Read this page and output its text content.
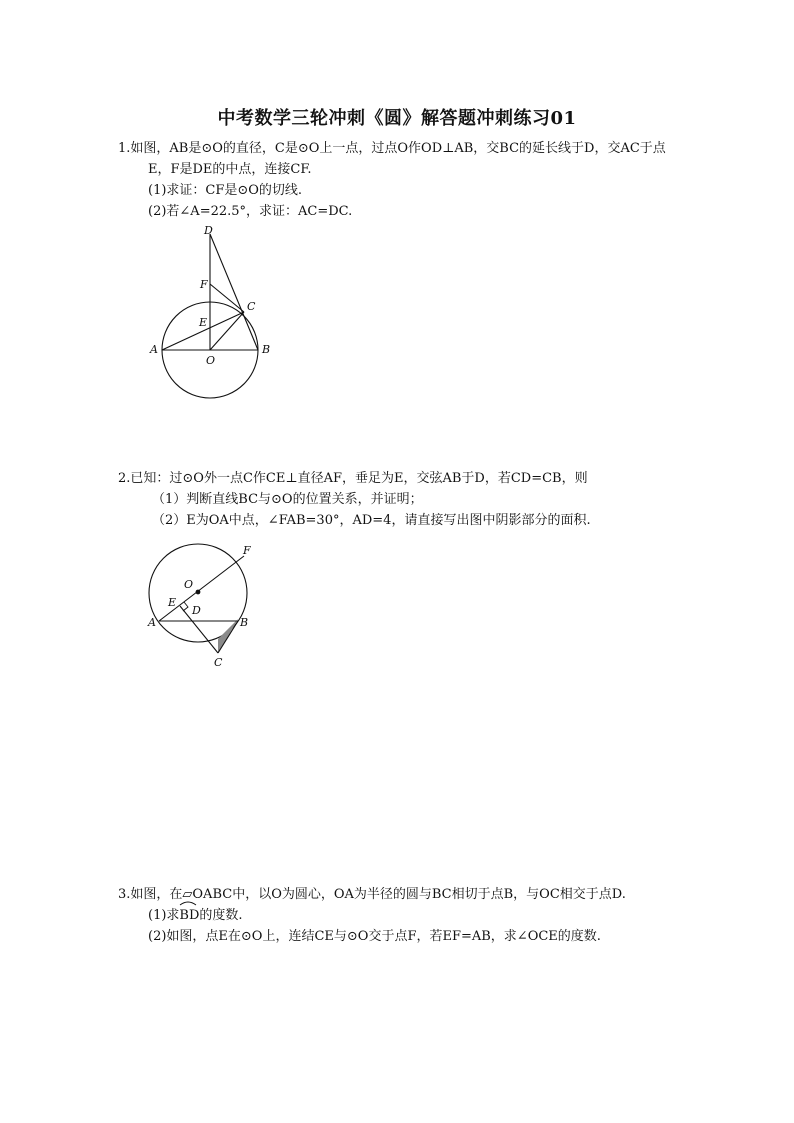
中考数学三轮冲刺《圆》解答题冲刺练习01
1.如图，AB是⊙O的直径，C是⊙O上一点，过点O作OD⊥AB，交BC的延长线于D，交AC于点
E，F是DE的中点，连接CF.
(1)求证：CF是⊙O的切线.
(2)若∠A=22.5°，求证：AC=DC.
D
F
C
E
A
O
B
2.已知：过⊙O外一点C作CE⊥直径AF，垂足为E，交弦AB于D，若CD=CB，则
（1）判断直线BC与⊙O的位置关系，并证明；
（2）E为OA中点，∠FAB=30°，AD=4，请直接写出图中阴影部分的面积.
F
O
E
D
A	B
C
3.如图，在▱OABC中，以O为圆心，OA为半径的圆与BC相切于点B，与OC相交于点D.
(1)求
BD的度数.
(2)如图，点E在⊙O上，连结CE与⊙O交于点F，若EF=AB，求∠OCE的度数.
